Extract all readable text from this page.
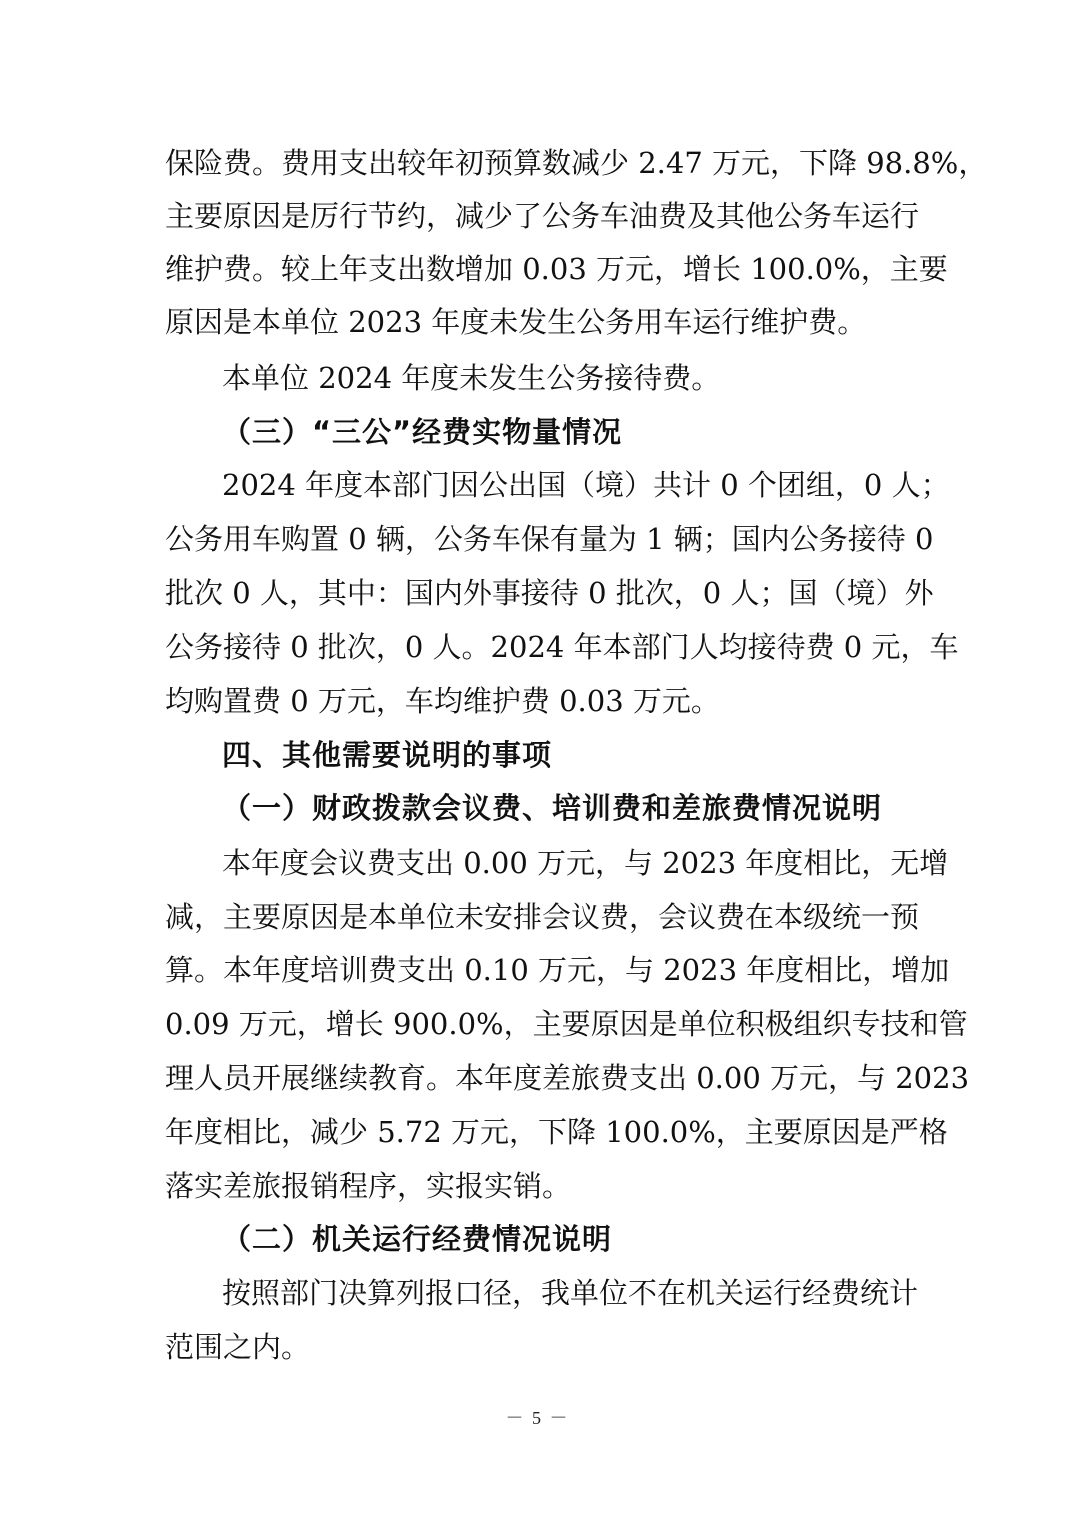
保险费。费用支出较年初预算数减少 2.47 万元，下降 98.8%，
主要原因是厉行节约，减少了公务车油费及其他公务车运行
维护费。较上年支出数增加 0.03 万元，增长 100.0%，主要
原因是本单位 2023 年度未发生公务用车运行维护费。
本单位 2024 年度未发生公务接待费。
（三）“三公”经费实物量情况
2024 年度本部门因公出国（境）共计 0 个团组，0 人；
公务用车购置 0 辆，公务车保有量为 1 辆；国内公务接待 0
批次 0 人，其中：国内外事接待 0 批次，0 人；国（境）外
公务接待 0 批次，0 人。2024 年本部门人均接待费 0 元，车
均购置费 0 万元，车均维护费 0.03 万元。
四、其他需要说明的事项
（一）财政拨款会议费、培训费和差旅费情况说明
本年度会议费支出 0.00 万元，与 2023 年度相比，无增
减，主要原因是本单位未安排会议费，会议费在本级统一预
算。本年度培训费支出 0.10 万元，与 2023 年度相比，增加
0.09 万元，增长 900.0%，主要原因是单位积极组织专技和管
理人员开展继续教育。本年度差旅费支出 0.00 万元，与 2023
年度相比，减少 5.72 万元，下降 100.0%，主要原因是严格
落实差旅报销程序，实报实销。
（二）机关运行经费情况说明
按照部门决算列报口径，我单位不在机关运行经费统计
范围之内。
－ 5 －
